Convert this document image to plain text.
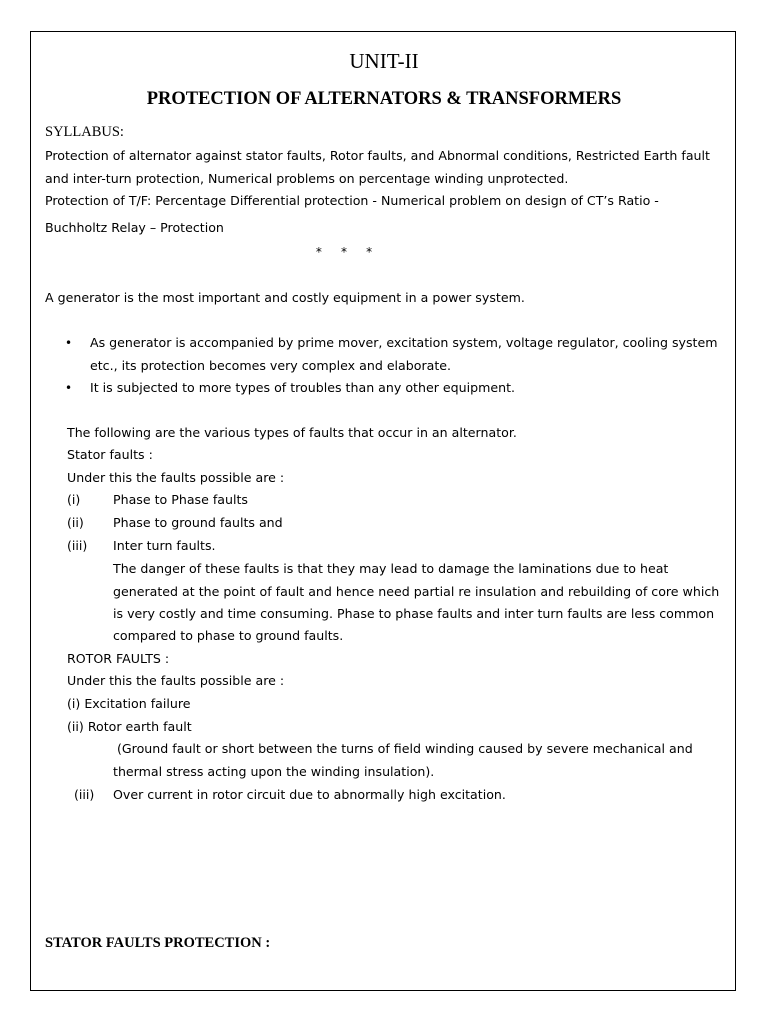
UNIT-II
PROTECTION OF ALTERNATORS & TRANSFORMERS
SYLLABUS:
Protection of alternator against stator faults, Rotor faults, and Abnormal conditions, Restricted Earth fault
and inter-turn protection, Numerical problems on percentage winding unprotected.
Protection of T/F: Percentage Differential protection - Numerical problem on design of CT’s Ratio -
Buchholtz Relay – Protection
*     *     *
A generator is the most important and costly equipment in a power system.
• As generator is accompanied by prime mover, excitation system, voltage regulator, cooling system
etc., its protection becomes very complex and elaborate.
• It is subjected to more types of troubles than any other equipment.
The following are the various types of faults that occur in an alternator.
Stator faults :
Under this the faults possible are :
(i)	Phase to Phase faults
(ii) Phase to ground faults and
(iii) Inter turn faults.
The danger of these faults is that they may lead to damage the laminations due to heat
generated at the point of fault and hence need partial re insulation and rebuilding of core which
is very costly and time consuming. Phase to phase faults and inter turn faults are less common
compared to phase to ground faults.
ROTOR FAULTS :
Under this the faults possible are :
(i) Excitation failure
(ii) Rotor earth fault
(Ground fault or short between the turns of field winding caused by severe mechanical and
thermal stress acting upon the winding insulation).
(iii) Over current in rotor circuit due to abnormally high excitation.
STATOR FAULTS PROTECTION :
